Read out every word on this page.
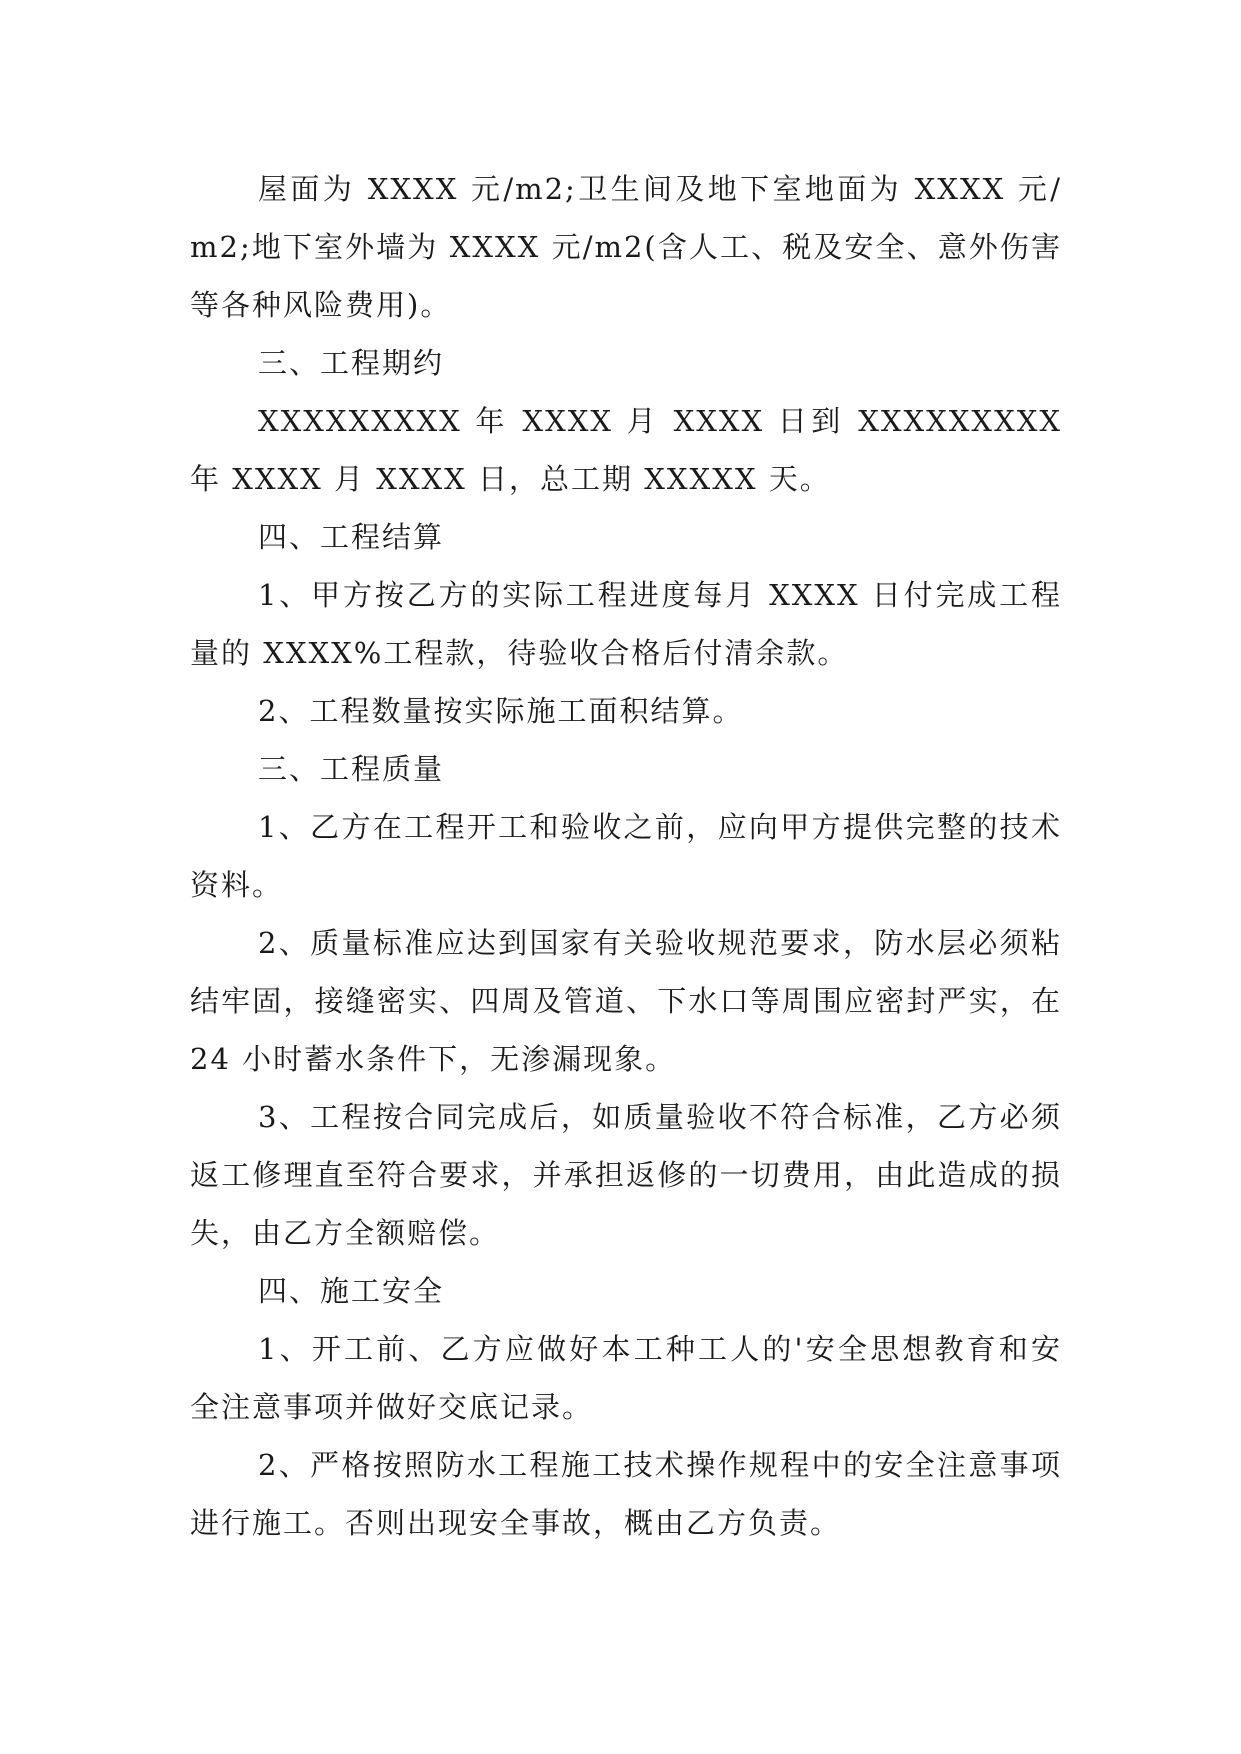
屋面为 XXXX 元/m2;卫生间及地下室地面为 XXXX 元/m2;地下室外墙为 XXXX 元/m2(含人工、税及安全、意外伤害等各种风险费用)。

三、工程期约

XXXXXXXXX 年 XXXX 月 XXXX 日到 XXXXXXXXX 年 XXXX 月 XXXX 日，总工期 XXXXX 天。

四、工程结算

1、甲方按乙方的实际工程进度每月 XXXX 日付完成工程量的 XXXX%工程款，待验收合格后付清余款。

2、工程数量按实际施工面积结算。

三、工程质量

1、乙方在工程开工和验收之前，应向甲方提供完整的技术资料。

2、质量标准应达到国家有关验收规范要求，防水层必须粘结牢固，接缝密实、四周及管道、下水口等周围应密封严实，在 24 小时蓄水条件下，无渗漏现象。

3、工程按合同完成后，如质量验收不符合标准，乙方必须返工修理直至符合要求，并承担返修的一切费用，由此造成的损失，由乙方全额赔偿。

四、施工安全

1、开工前、乙方应做好本工种工人的'安全思想教育和安全注意事项并做好交底记录。

2、严格按照防水工程施工技术操作规程中的安全注意事项进行施工。否则出现安全事故，概由乙方负责。
